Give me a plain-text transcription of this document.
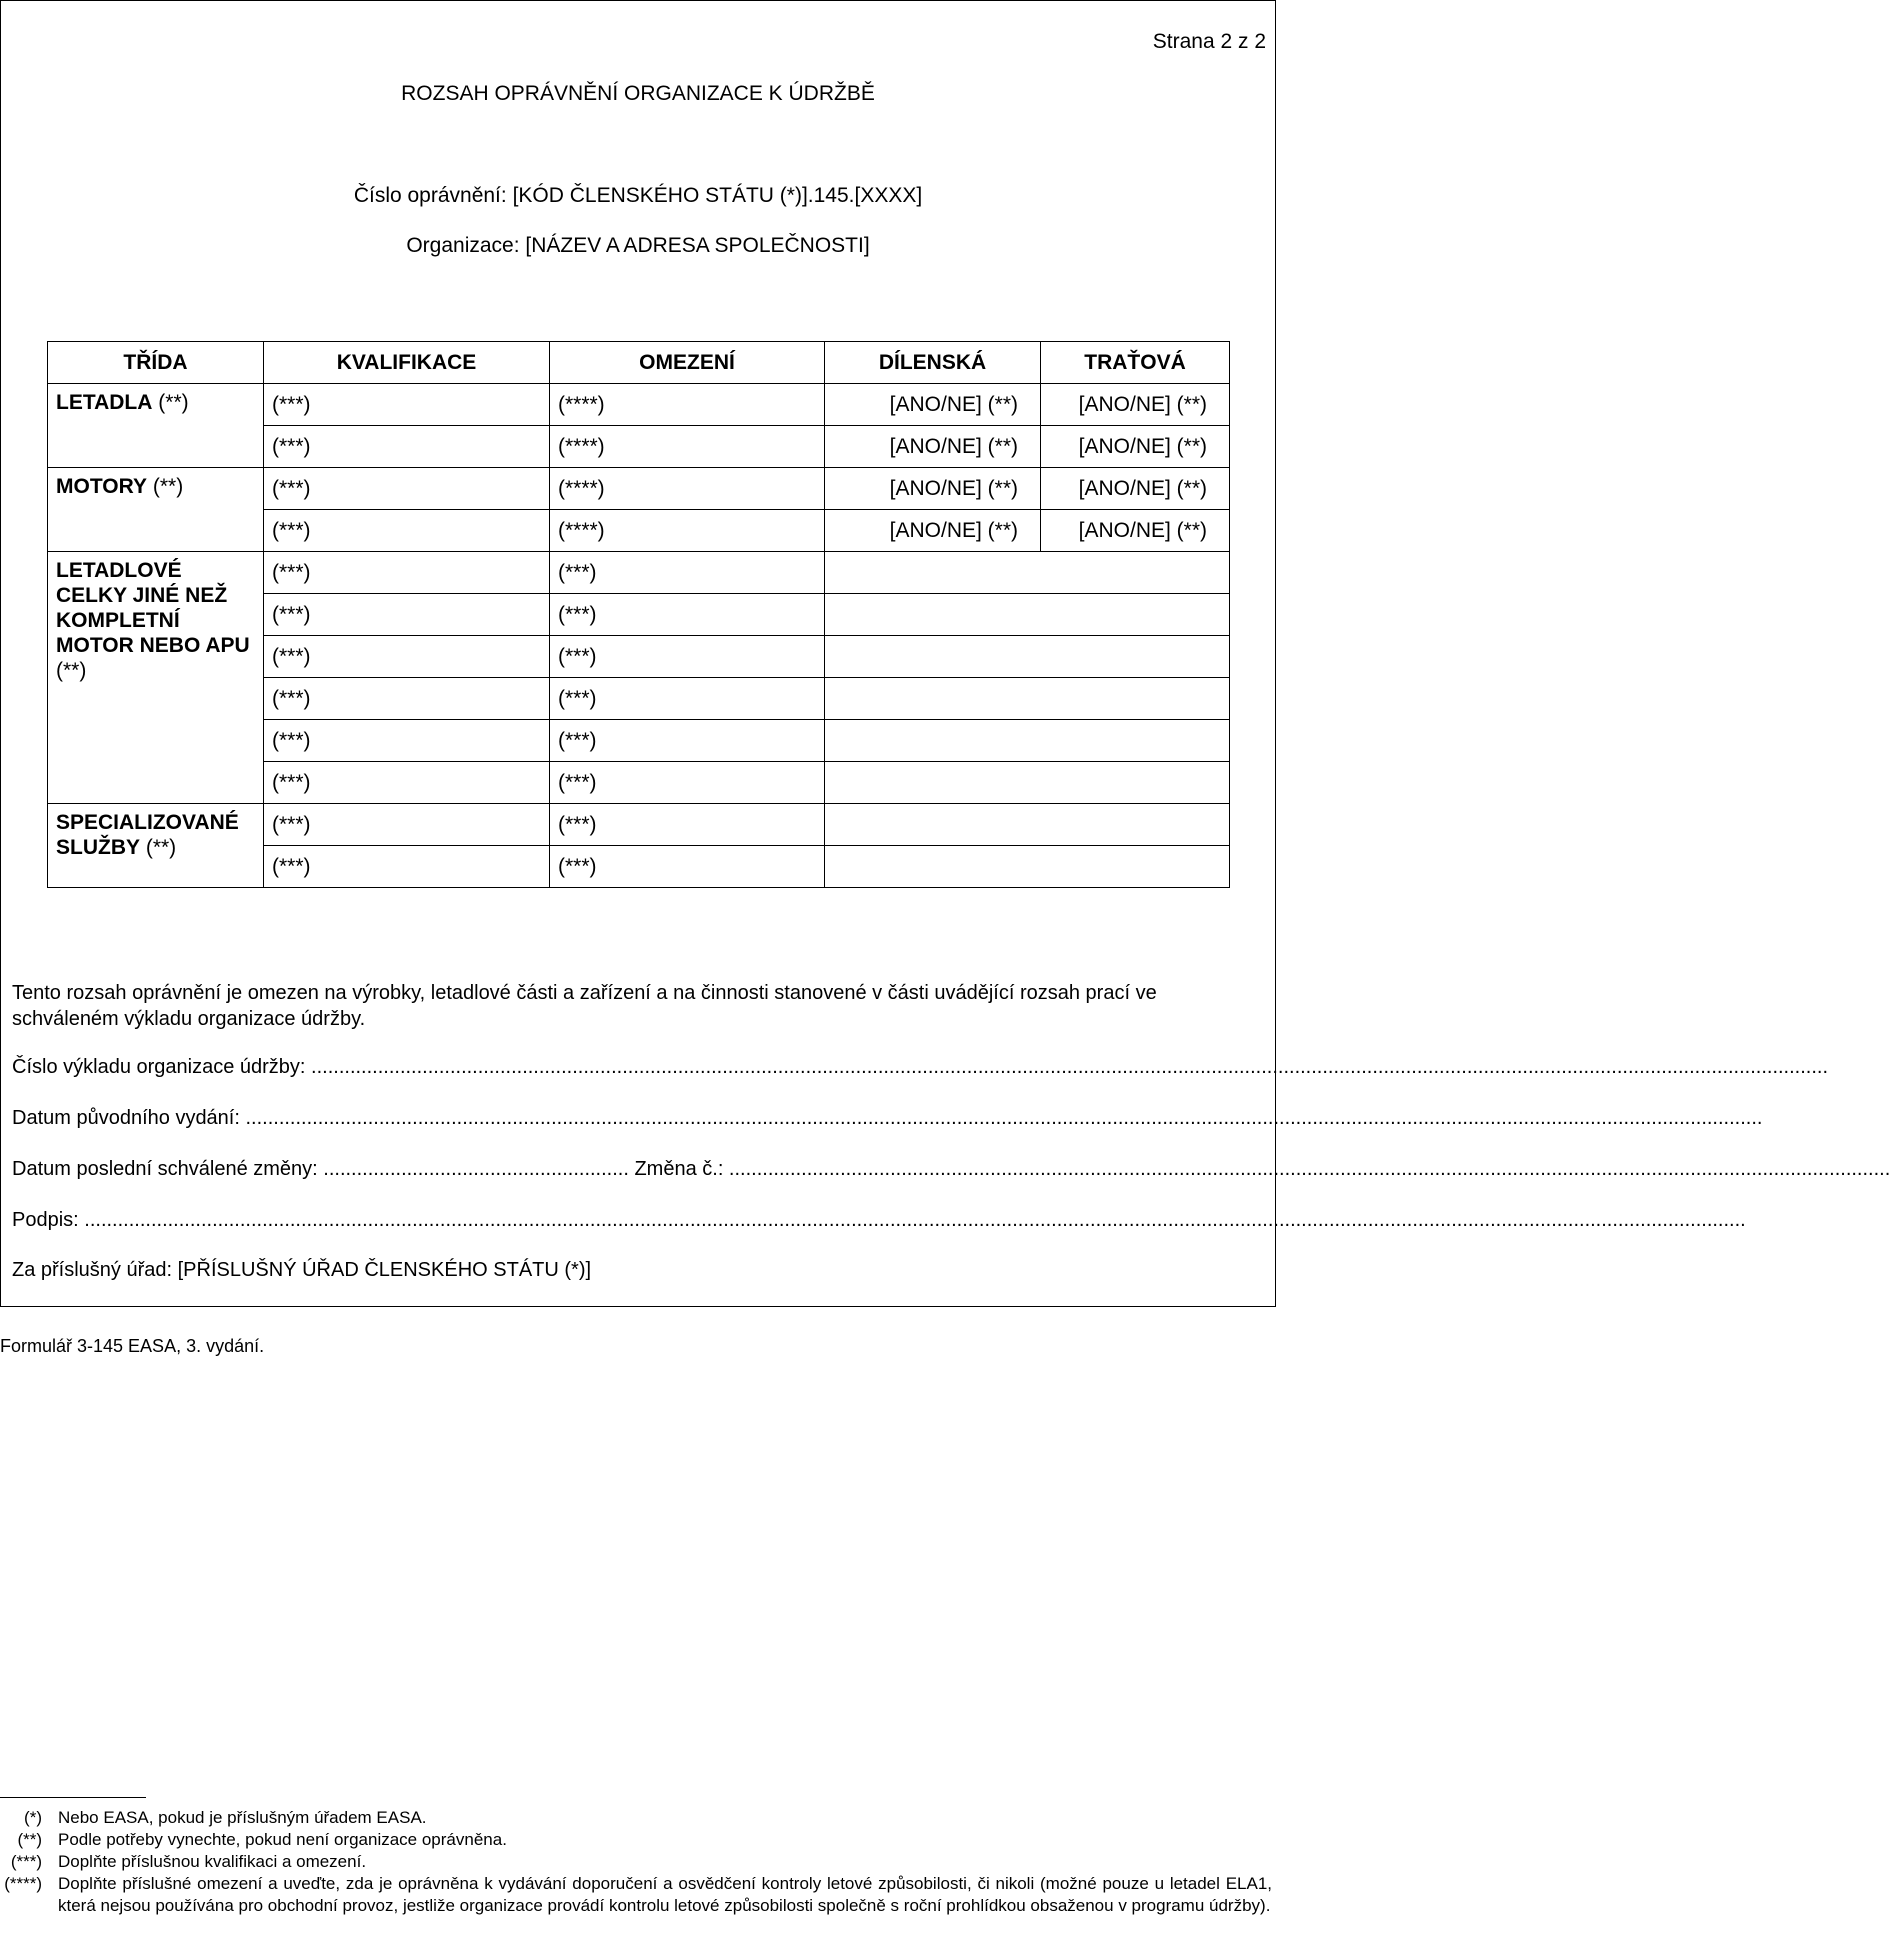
Strana 2 z 2
ROZSAH OPRÁVNĚNÍ ORGANIZACE K ÚDRŽBĚ
Číslo oprávnění: [KÓD ČLENSKÉHO STÁTU (*)].145.[XXXX]
Organizace: [NÁZEV A ADRESA SPOLEČNOSTI]
TŘÍDA	KVALIFIKACE	OMEZENÍ	DÍLENSKÁ	TRAŤOVÁ
LETADLA (**)	(***)	(****)	[ANO/NE] (**)	[ANO/NE] (**)
	(***)	(****)	[ANO/NE] (**)	[ANO/NE] (**)
MOTORY (**)	(***)	(****)	[ANO/NE] (**)	[ANO/NE] (**)
	(***)	(****)	[ANO/NE] (**)	[ANO/NE] (**)
LETADLOVÉ CELKY JINÉ NEŽ KOMPLETNÍ MOTOR NEBO APU (**)	(***)	(***)		
	(***)	(***)		
	(***)	(***)		
	(***)	(***)		
	(***)	(***)		
	(***)	(***)		
SPECIALIZOVANÉ SLUŽBY (**)	(***)	(***)		
	(***)	(***)		
Tento rozsah oprávnění je omezen na výrobky, letadlové části a zařízení a na činnosti stanovené v části uvádějící rozsah prací ve schváleném výkladu organizace údržby.
Číslo výkladu organizace údržby: .................................................................................................................................................................................................................................................................................
Datum původního vydání: .................................................................................................................................................................................................................................................................................
Datum poslední schválené změny: ....................................................... Změna č.: .................................................................................................................................................................................................................
Podpis: ...........................................................................................................................................................................................................................................................................................................
Za příslušný úřad: [PŘÍSLUŠNÝ ÚŘAD ČLENSKÉHO STÁTU (*)]
Formulář 3-145 EASA, 3. vydání.
(*) Nebo EASA, pokud je příslušným úřadem EASA.
(**) Podle potřeby vynechte, pokud není organizace oprávněna.
(***) Doplňte příslušnou kvalifikaci a omezení.
(****) Doplňte příslušné omezení a uveďte, zda je oprávněna k vydávání doporučení a osvědčení kontroly letové způsobilosti, či nikoli (možné pouze u letadel ELA1, která nejsou používána pro obchodní provoz, jestliže organizace provádí kontrolu letové způsobilosti společně s roční prohlídkou obsaženou v programu údržby).
